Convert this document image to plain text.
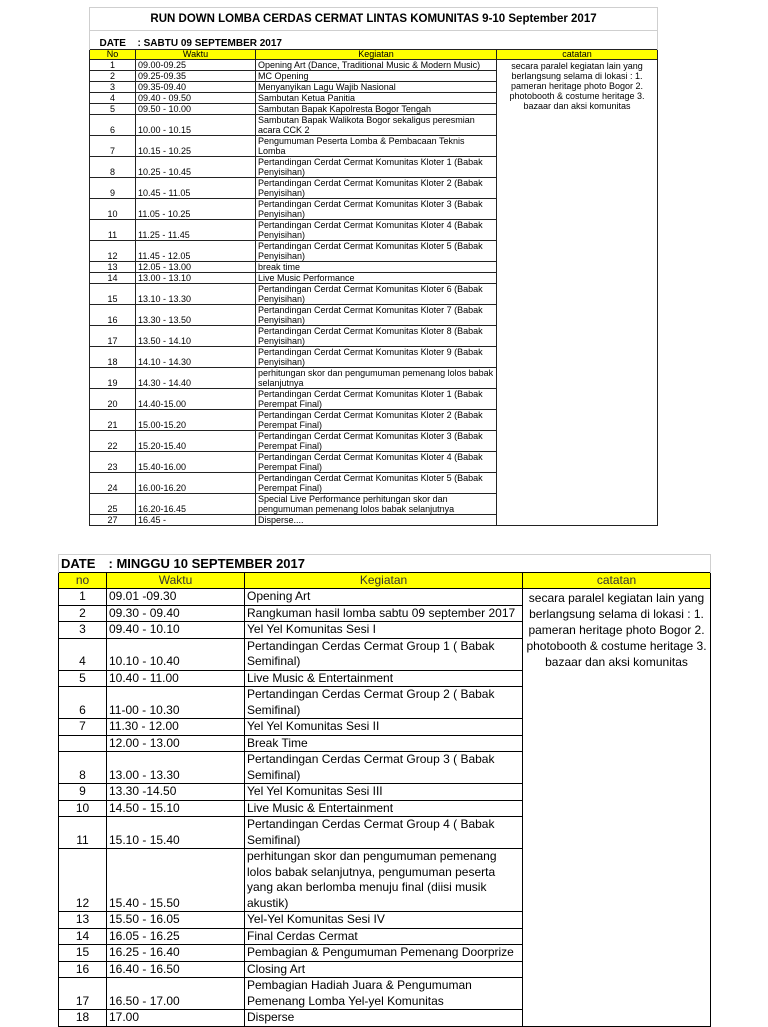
RUN DOWN LOMBA CERDAS CERMAT LINTAS KOMUNITAS 9-10 September 2017			

DATE	: SABTU 09 SEPTEMBER 2017		
No	Waktu	Kegiatan	catatan
1	09.00-09.25	Opening Art (Dance, Traditional Music & Modern Music)	secara paralel kegiatan lain yang berlangsung selama di lokasi : 1. pameran heritage photo Bogor 2. photobooth & costume heritage 3. bazaar dan aksi komunitas
2	09.25-09.35	MC Opening	
3	09.35-09.40	Menyanyikan Lagu Wajib Nasional	
4	09.40 - 09.50	Sambutan Ketua Panitia	
5	09.50 - 10.00	Sambutan Bapak Kapolresta Bogor Tengah	
6	10.00 - 10.15	Sambutan Bapak Walikota Bogor sekaligus peresmian acara CCK 2	
7	10.15 - 10.25	Pengumuman Peserta Lomba & Pembacaan Teknis Lomba	
8	10.25 - 10.45	Pertandingan Cerdat Cermat Komunitas Kloter 1 (Babak Penyisihan)	
9	10.45 - 11.05	Pertandingan Cerdat Cermat Komunitas Kloter 2 (Babak Penyisihan)	
10	11.05 - 10.25	Pertandingan Cerdat Cermat Komunitas Kloter 3 (Babak Penyisihan)	
11	11.25 - 11.45	Pertandingan Cerdat Cermat Komunitas Kloter 4 (Babak Penyisihan)	
12	11.45 - 12.05	Pertandingan Cerdat Cermat Komunitas Kloter 5 (Babak Penyisihan)	
13	12.05 - 13.00	break time	
14	13.00 - 13.10	Live Music Performance	
15	13.10 - 13.30	Pertandingan Cerdat Cermat Komunitas Kloter 6 (Babak Penyisihan)	
16	13.30 - 13.50	Pertandingan Cerdat Cermat Komunitas Kloter 7 (Babak Penyisihan)	
17	13.50 - 14.10	Pertandingan Cerdat Cermat Komunitas Kloter 8 (Babak Penyisihan)	
18	14.10 - 14.30	Pertandingan Cerdat Cermat Komunitas Kloter 9 (Babak Penyisihan)	
19	14.30 - 14.40	perhitungan skor dan pengumuman pemenang lolos babak selanjutnya	
20	14.40-15.00	Pertandingan Cerdat Cermat Komunitas Kloter 1 (Babak Perempat Final)	
21	15.00-15.20	Pertandingan Cerdat Cermat Komunitas Kloter 2 (Babak Perempat Final)	
22	15.20-15.40	Pertandingan Cerdat Cermat Komunitas Kloter 3 (Babak Perempat Final)	
23	15.40-16.00	Pertandingan Cerdat Cermat Komunitas Kloter 4 (Babak Perempat Final)	
24	16.00-16.20	Pertandingan Cerdat Cermat Komunitas Kloter 5 (Babak Perempat Final)	
25	16.20-16.45	Special Live Performance perhitungan skor dan pengumuman pemenang lolos babak selanjutnya	
27	16.45 -	Disperse....	
DATE	: MINGGU 10 SEPTEMBER 2017		
no	Waktu	Kegiatan	catatan
1	09.01 -09.30	Opening Art	secara paralel kegiatan lain yang berlangsung selama di lokasi : 1. pameran heritage photo Bogor 2. photobooth & costume heritage 3. bazaar dan aksi komunitas
2	09.30 - 09.40	Rangkuman hasil lomba sabtu 09 september 2017	
3	09.40 - 10.10	Yel Yel Komunitas Sesi I	
4	10.10 - 10.40	Pertandingan Cerdas Cermat Group 1 ( Babak Semifinal)	
5	10.40 - 11.00	Live Music & Entertainment	
6	11-00 - 10.30	Pertandingan Cerdas Cermat Group 2 ( Babak Semifinal)	
7	11.30 - 12.00	Yel Yel Komunitas Sesi II	
	12.00 - 13.00	Break Time	
8	13.00 - 13.30	Pertandingan Cerdas Cermat Group 3 ( Babak Semifinal)	
9	13.30 -14.50	Yel Yel Komunitas Sesi III	
10	14.50 - 15.10	Live Music & Entertainment	
11	15.10 - 15.40	Pertandingan Cerdas Cermat Group 4 ( Babak Semifinal)	
12	15.40 - 15.50	perhitungan skor dan pengumuman pemenang lolos babak selanjutnya, pengumuman peserta yang akan berlomba menuju final (diisi musik akustik)	
13	15.50 - 16.05	Yel-Yel Komunitas Sesi IV	
14	16.05 - 16.25	Final Cerdas Cermat	
15	16.25 - 16.40	Pembagian & Pengumuman Pemenang Doorprize	
16	16.40 - 16.50	Closing Art	
17	16.50 - 17.00	Pembagian Hadiah Juara & Pengumuman Pemenang Lomba Yel-yel Komunitas	
18	17.00	Disperse	
